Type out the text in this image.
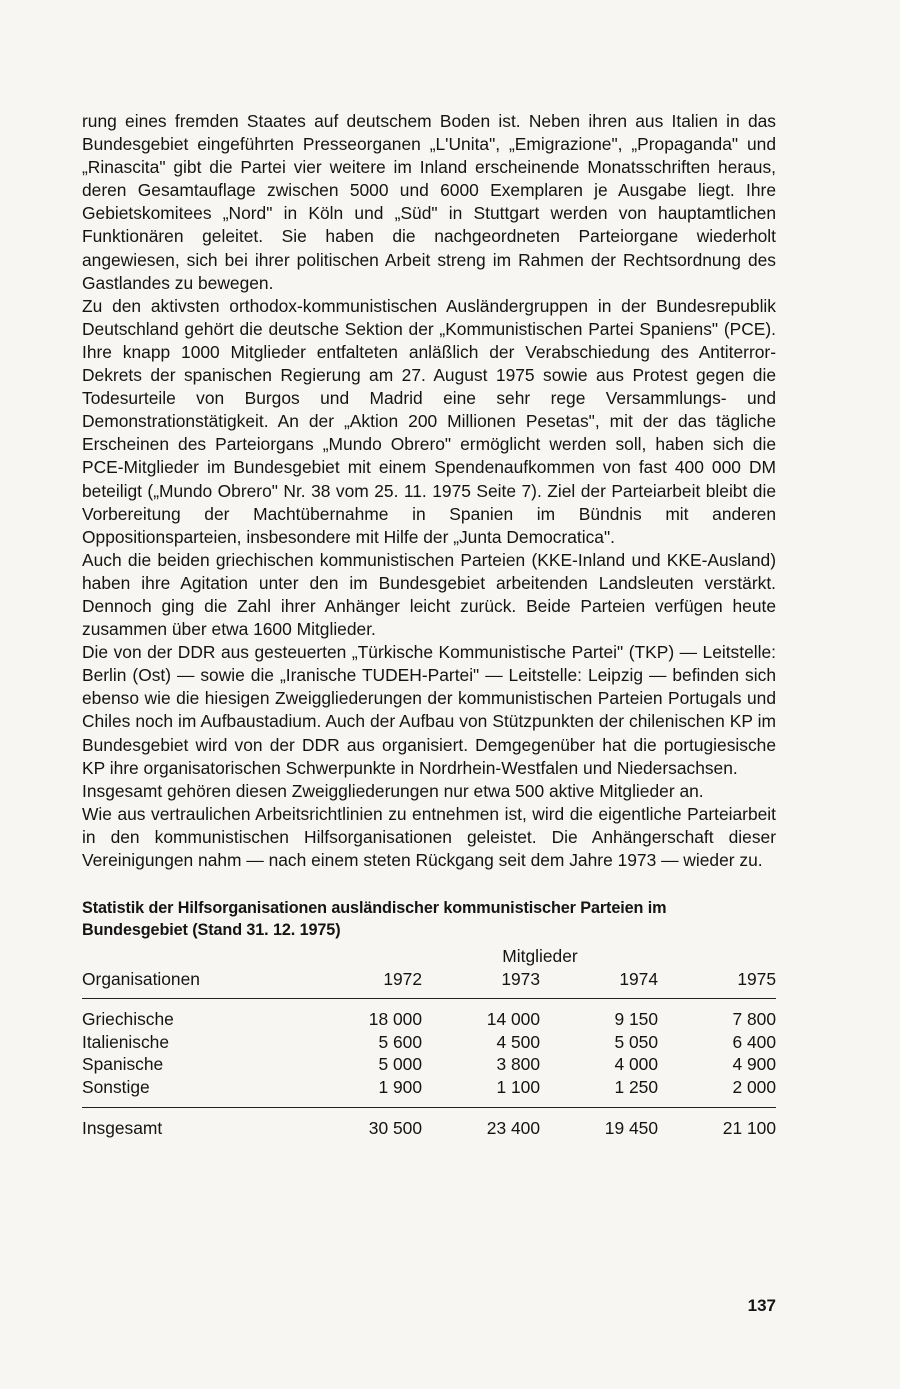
rung eines fremden Staates auf deutschem Boden ist. Neben ihren aus Italien in das Bundesgebiet eingeführten Presseorganen „L'Unita", „Emigrazione", „Propaganda" und „Rinascita" gibt die Partei vier weitere im Inland erscheinende Monatsschriften heraus, deren Gesamtauflage zwischen 5000 und 6000 Exemplaren je Ausgabe liegt. Ihre Gebietskomitees „Nord" in Köln und „Süd" in Stuttgart werden von hauptamtlichen Funktionären geleitet. Sie haben die nachgeordneten Parteiorgane wiederholt angewiesen, sich bei ihrer politischen Arbeit streng im Rahmen der Rechtsordnung des Gastlandes zu bewegen.

Zu den aktivsten orthodox-kommunistischen Ausländergruppen in der Bundesrepublik Deutschland gehört die deutsche Sektion der „Kommunistischen Partei Spaniens" (PCE). Ihre knapp 1000 Mitglieder entfalteten anläßlich der Verabschiedung des Antiterror-Dekrets der spanischen Regierung am 27. August 1975 sowie aus Protest gegen die Todesurteile von Burgos und Madrid eine sehr rege Versammlungs- und Demonstrationstätigkeit. An der „Aktion 200 Millionen Pesetas", mit der das tägliche Erscheinen des Parteiorgans „Mundo Obrero" ermöglicht werden soll, haben sich die PCE-Mitglieder im Bundesgebiet mit einem Spendenaufkommen von fast 400 000 DM beteiligt („Mundo Obrero" Nr. 38 vom 25. 11. 1975 Seite 7). Ziel der Parteiarbeit bleibt die Vorbereitung der Machtübernahme in Spanien im Bündnis mit anderen Oppositionsparteien, insbesondere mit Hilfe der „Junta Democratica".

Auch die beiden griechischen kommunistischen Parteien (KKE-Inland und KKE-Ausland) haben ihre Agitation unter den im Bundesgebiet arbeitenden Landsleuten verstärkt. Dennoch ging die Zahl ihrer Anhänger leicht zurück. Beide Parteien verfügen heute zusammen über etwa 1600 Mitglieder.

Die von der DDR aus gesteuerten „Türkische Kommunistische Partei" (TKP) — Leitstelle: Berlin (Ost) — sowie die „Iranische TUDEH-Partei" — Leitstelle: Leipzig — befinden sich ebenso wie die hiesigen Zweiggliederungen der kommunistischen Parteien Portugals und Chiles noch im Aufbaustadium. Auch der Aufbau von Stützpunkten der chilenischen KP im Bundesgebiet wird von der DDR aus organisiert. Demgegenüber hat die portugiesische KP ihre organisatorischen Schwerpunkte in Nordrhein-Westfalen und Niedersachsen.

Insgesamt gehören diesen Zweiggliederungen nur etwa 500 aktive Mitglieder an.

Wie aus vertraulichen Arbeitsrichtlinien zu entnehmen ist, wird die eigentliche Parteiarbeit in den kommunistischen Hilfsorganisationen geleistet. Die Anhängerschaft dieser Vereinigungen nahm — nach einem steten Rückgang seit dem Jahre 1973 — wieder zu.

Statistik der Hilfsorganisationen ausländischer kommunistischer Parteien im Bundesgebiet (Stand 31. 12. 1975)
	Mitglieder			
Organisationen	1972	1973	1974	1975
Griechische	18 000	14 000	9 150	7 800
Italienische	5 600	4 500	5 050	6 400
Spanische	5 000	3 800	4 000	4 900
Sonstige	1 900	1 100	1 250	2 000
Insgesamt	30 500	23 400	19 450	21 100
137
